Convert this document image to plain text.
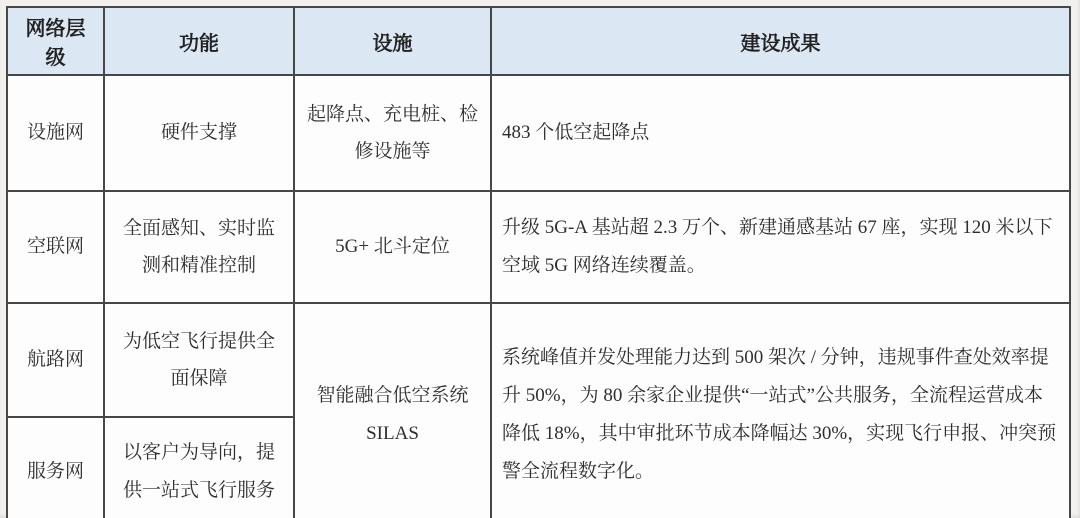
网络层级	功能	设施	建设成果
设施网	硬件支撑	起降点、充电桩、检修设施等	483 个低空起降点
空联网	全面感知、实时监测和精准控制	5G+ 北斗定位	升级 5G-A 基站超 2.3 万个、新建通感基站 67 座，实现 120 米以下空域 5G 网络连续覆盖。
航路网	为低空飞行提供全面保障	智能融合低空系统 SILAS	系统峰值并发处理能力达到 500 架次 / 分钟，违规事件查处效率提升 50%，为 80 余家企业提供“一站式”公共服务，全流程运营成本降低 18%，其中审批环节成本降幅达 30%，实现飞行申报、冲突预警全流程数字化。
服务网	以客户为导向，提供一站式飞行服务		
